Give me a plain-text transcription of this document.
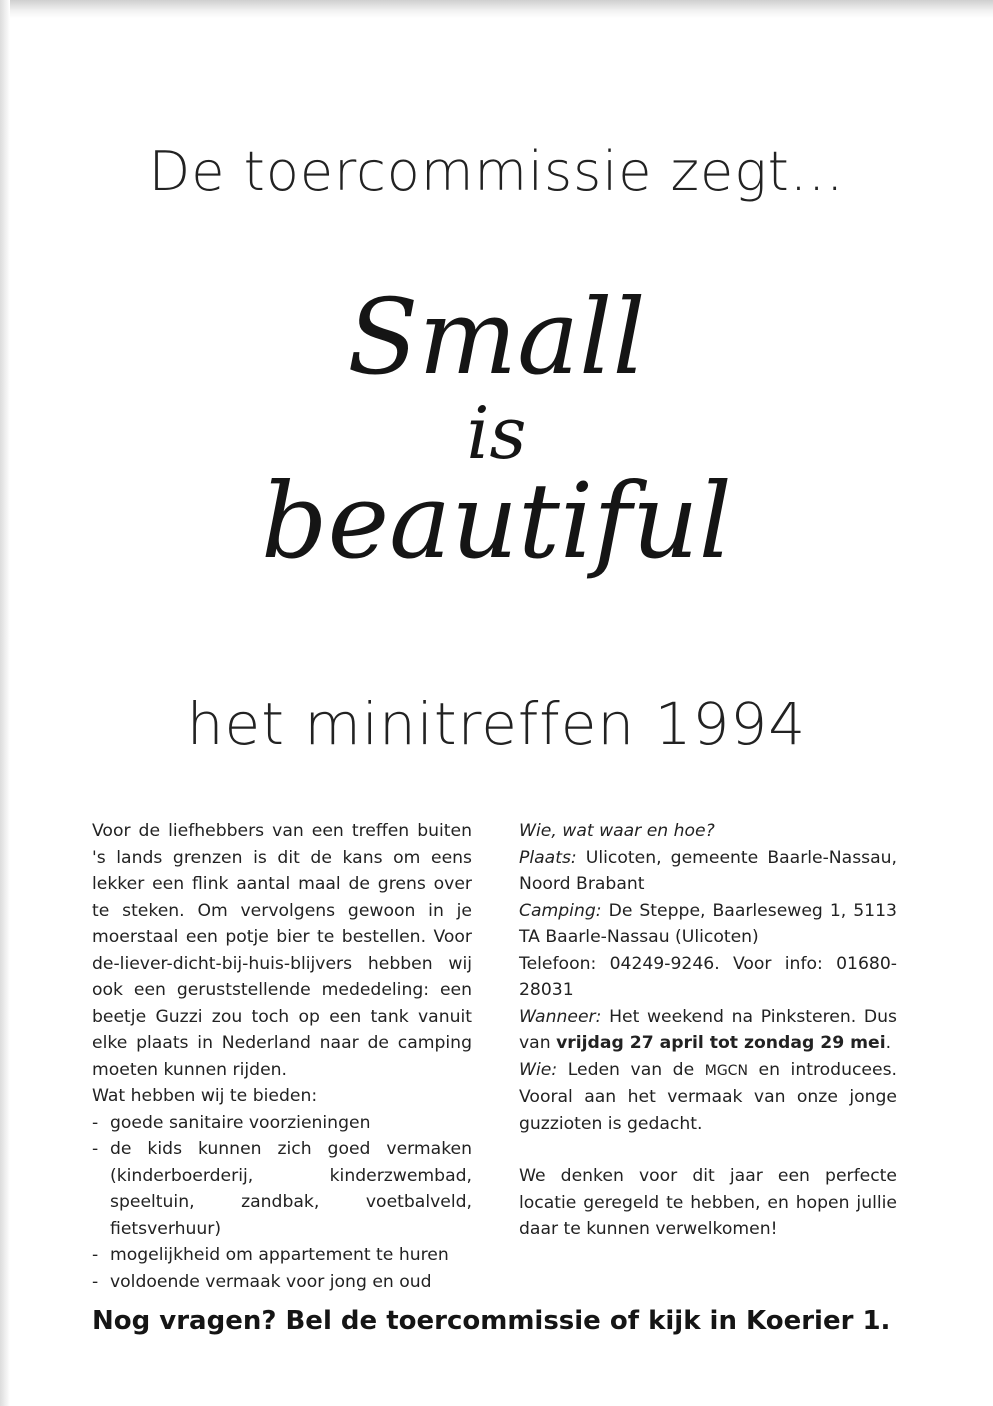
De toercommissie zegt...
Small
is
beautiful
het minitreffen 1994

Voor de liefhebbers van een treffen buiten 's lands grenzen is dit de kans om eens lekker een flink aantal maal de grens over te steken. Om vervolgens gewoon in je moerstaal een potje bier te bestellen. Voor de-liever-dicht-bij-huis-blijvers hebben wij ook een geruststellende mededeling: een beetje Guzzi zou toch op een tank vanuit elke plaats in Nederland naar de camping moeten kunnen rijden.

Wat hebben wij te bieden:

- goede sanitaire voorzieningen
- de kids kunnen zich goed vermaken (kinderboerderij, kinderzwembad, speeltuin, zandbak, voetbalveld, fietsverhuur)
- mogelijkheid om appartement te huren
- voldoende vermaak voor jong en oud

Wie, wat waar en hoe?

Plaats: Ulicoten, gemeente Baarle-Nassau, Noord Brabant

Camping: De Steppe, Baarleseweg 1, 5113 TA Baarle-Nassau (Ulicoten)

Telefoon: 04249-9246. Voor info: 01680-28031

Wanneer: Het weekend na Pinksteren. Dus van vrijdag 27 april tot zondag 29 mei.

Wie: Leden van de MGCN en introducees. Vooral aan het vermaak van onze jonge guzzioten is gedacht.

We denken voor dit jaar een perfecte locatie geregeld te hebben, en hopen jullie daar te kunnen verwelkomen!

Nog vragen? Bel de toercommissie of kijk in Koerier 1.
